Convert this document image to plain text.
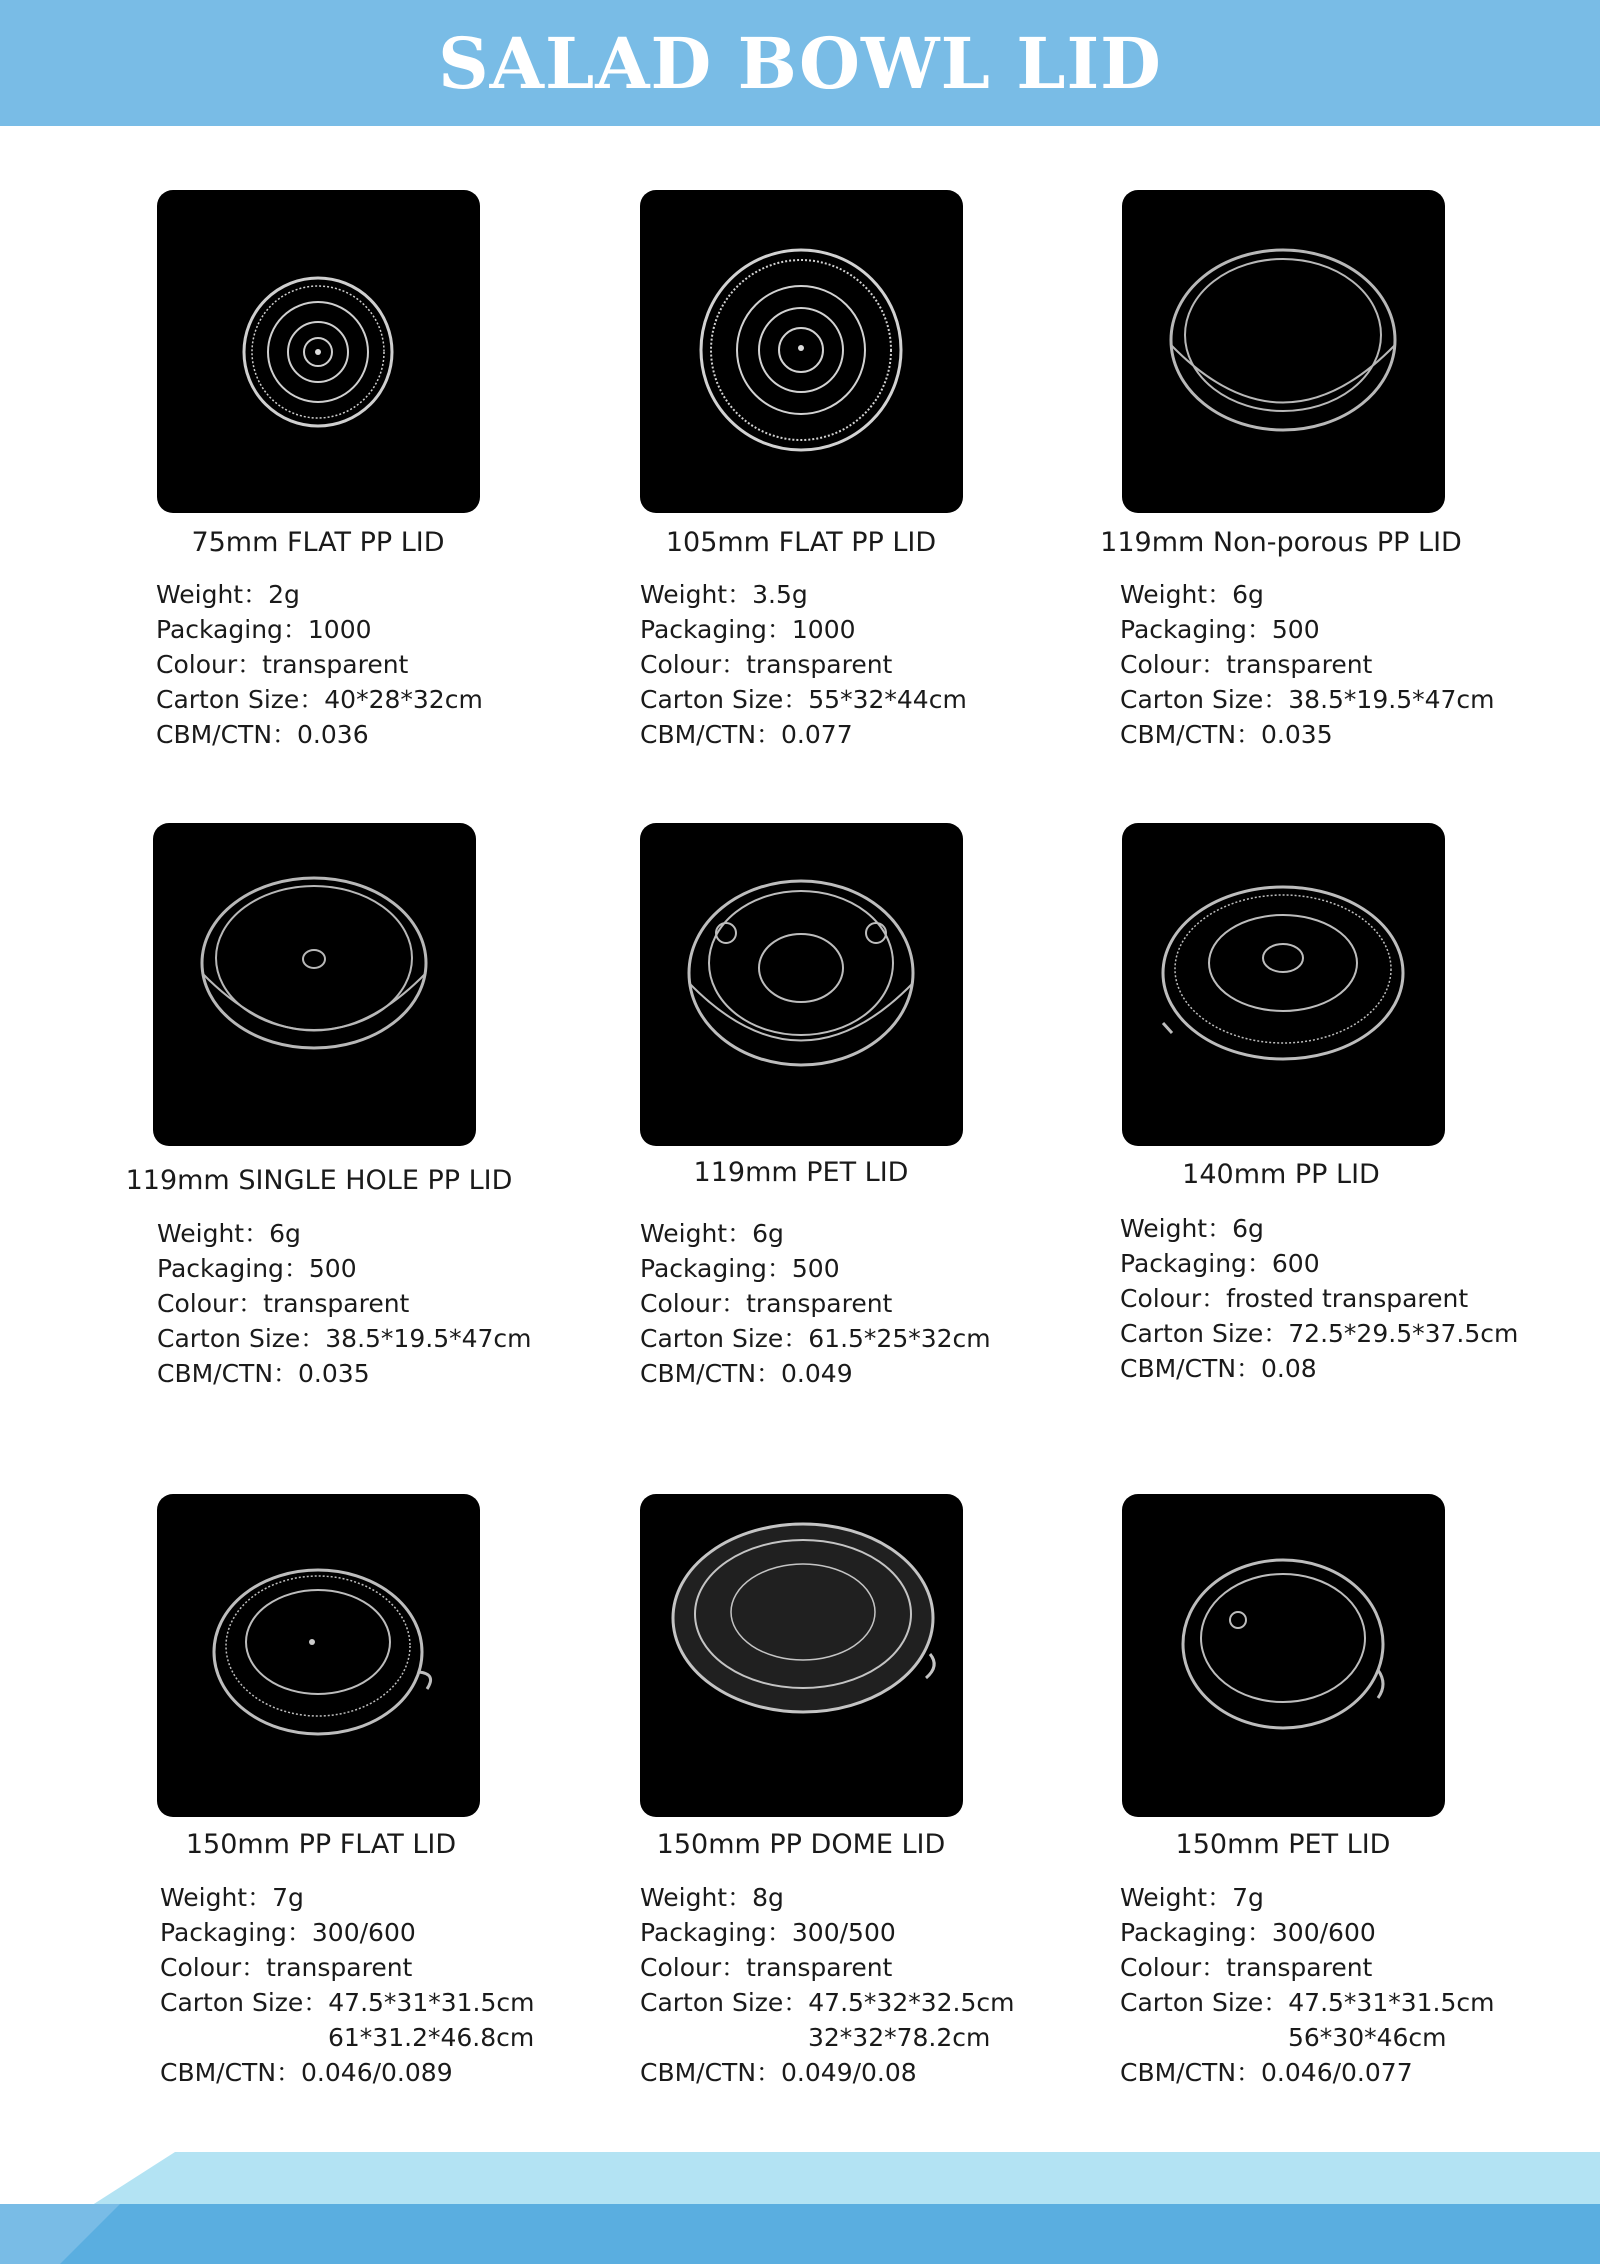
SALAD BOWL LID
75mm FLAT PP LID
Weight：2g
Packaging：1000
Colour：transparent
Carton Size：40*28*32cm
CBM/CTN：0.036
105mm FLAT PP LID
Weight：3.5g
Packaging：1000
Colour：transparent
Carton Size：55*32*44cm
CBM/CTN：0.077
119mm Non-porous PP LID
Weight：6g
Packaging：500
Colour：transparent
Carton Size：38.5*19.5*47cm
CBM/CTN：0.035
119mm SINGLE HOLE PP LID
Weight：6g
Packaging：500
Colour：transparent
Carton Size：38.5*19.5*47cm
CBM/CTN：0.035
119mm PET LID
Weight：6g
Packaging：500
Colour：transparent
Carton Size：61.5*25*32cm
CBM/CTN：0.049
140mm PP LID
Weight：6g
Packaging：600
Colour：frosted transparent
Carton Size：72.5*29.5*37.5cm
CBM/CTN：0.08
150mm PP FLAT LID
Weight：7g
Packaging：300/600
Colour：transparent
Carton Size：47.5*31*31.5cm
61*31.2*46.8cm
CBM/CTN：0.046/0.089
150mm PP DOME LID
Weight：8g
Packaging：300/500
Colour：transparent
Carton Size：47.5*32*32.5cm
32*32*78.2cm
CBM/CTN：0.049/0.08
150mm PET LID
Weight：7g
Packaging：300/600
Colour：transparent
Carton Size：47.5*31*31.5cm
56*30*46cm
CBM/CTN：0.046/0.077
